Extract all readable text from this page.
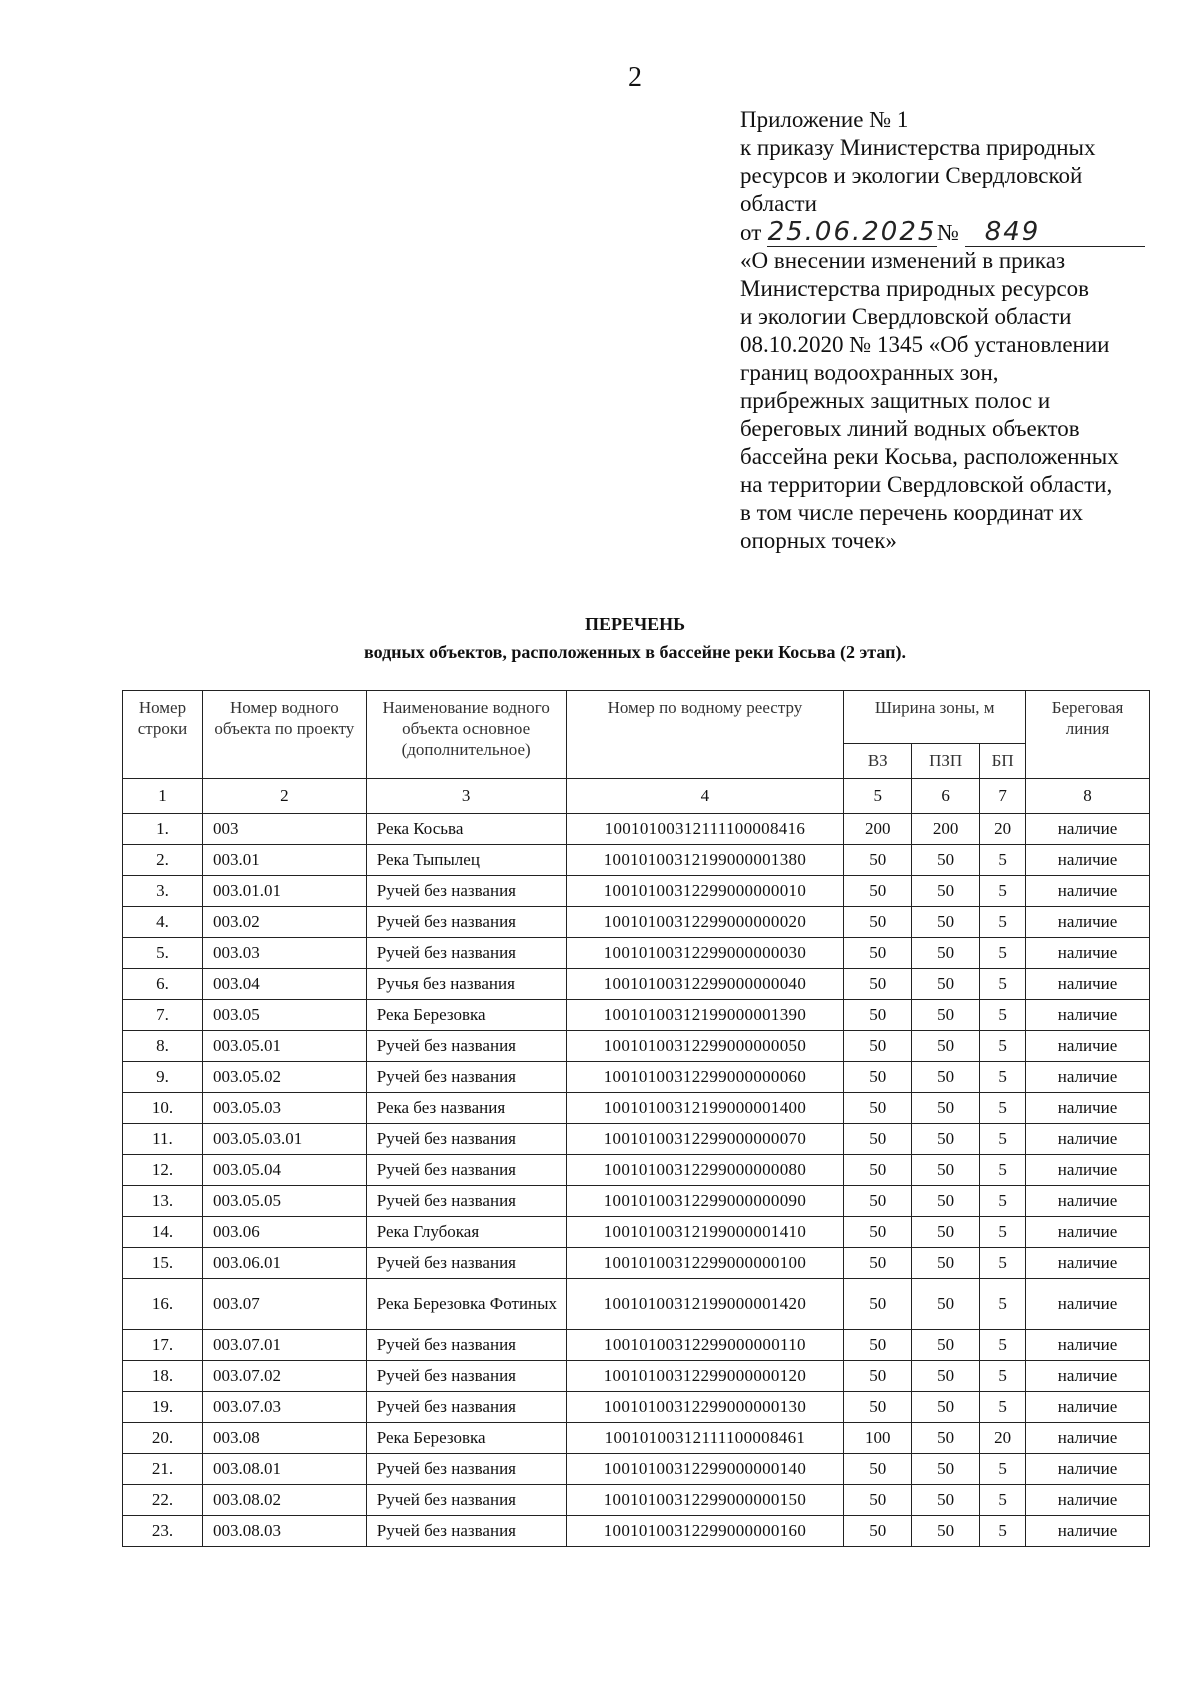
2
Приложение № 1
к приказу Министерства природных
ресурсов и экологии Свердловской
области
от 25.06.2025№ 849
«О внесении изменений в приказ
Министерства природных ресурсов
и экологии Свердловской области
08.10.2020 № 1345 «Об установлении
границ водоохранных зон,
прибрежных защитных полос и
береговых линий водных объектов
бассейна реки Косьва, расположенных
на территории Свердловской области,
в том числе перечень координат их
опорных точек»
ПЕРЕЧЕНЬ
водных объектов, расположенных в бассейне реки Косьва (2 этап).
Номер строки	Номер водного объекта по проекту	Наименование водного объекта основное (дополнительное)	Номер по водному реестру	Ширина зоны, м			Береговая линия
				ВЗ	ПЗП	БП	
1	2	3	4	5	6	7	8
1.	003	Река Косьва	10010100312111100008416	200	200	20	наличие
2.	003.01	Река Тыпылец	10010100312199000001380	50	50	5	наличие
3.	003.01.01	Ручей без названия	10010100312299000000010	50	50	5	наличие
4.	003.02	Ручей без названия	10010100312299000000020	50	50	5	наличие
5.	003.03	Ручей без названия	10010100312299000000030	50	50	5	наличие
6.	003.04	Ручья без названия	10010100312299000000040	50	50	5	наличие
7.	003.05	Река Березовка	10010100312199000001390	50	50	5	наличие
8.	003.05.01	Ручей без названия	10010100312299000000050	50	50	5	наличие
9.	003.05.02	Ручей без названия	10010100312299000000060	50	50	5	наличие
10.	003.05.03	Река без названия	10010100312199000001400	50	50	5	наличие
11.	003.05.03.01	Ручей без названия	10010100312299000000070	50	50	5	наличие
12.	003.05.04	Ручей без названия	10010100312299000000080	50	50	5	наличие
13.	003.05.05	Ручей без названия	10010100312299000000090	50	50	5	наличие
14.	003.06	Река Глубокая	10010100312199000001410	50	50	5	наличие
15.	003.06.01	Ручей без названия	10010100312299000000100	50	50	5	наличие
16.	003.07	Река Березовка Фотиных	10010100312199000001420	50	50	5	наличие
17.	003.07.01	Ручей без названия	10010100312299000000110	50	50	5	наличие
18.	003.07.02	Ручей без названия	10010100312299000000120	50	50	5	наличие
19.	003.07.03	Ручей без названия	10010100312299000000130	50	50	5	наличие
20.	003.08	Река Березовка	10010100312111100008461	100	50	20	наличие
21.	003.08.01	Ручей без названия	10010100312299000000140	50	50	5	наличие
22.	003.08.02	Ручей без названия	10010100312299000000150	50	50	5	наличие
23.	003.08.03	Ручей без названия	10010100312299000000160	50	50	5	наличие
